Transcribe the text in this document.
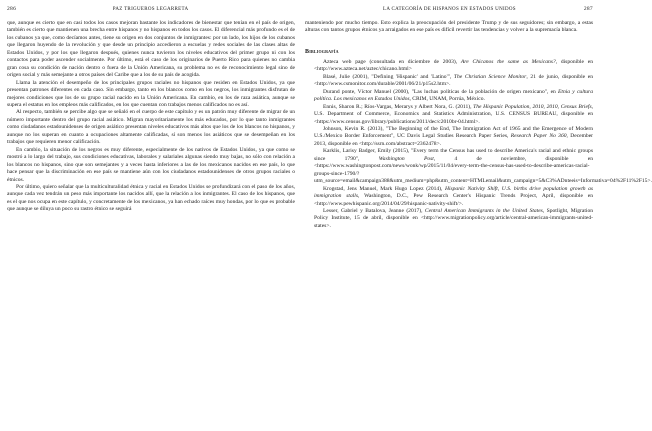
286	PAZ TRIGUEROS LEGARRETA

que, aunque es cierto que en casi todos los casos mejoran bastante los indicadores de bienestar que tenían en el país de origen, también es cierto que mantienen una brecha entre hispanos y no hispanos en todos los casos. El diferencial más profundo es el de los cubanos ya que, como decíamos antes, tiene su origen en dos conjuntos de inmigrantes: por un lado, los hijos de los cubanos que llegaron huyendo de la revolución y que desde un principio accedieron a escuelas y redes sociales de las clases altas de Estados Unidos, y por los que llegaron después, quienes nunca tuvieron los niveles educativos del primer grupo ni con los contactos para poder ascender socialmente. Por último, está el caso de los originarios de Puerto Rico para quienes no cambia gran cosa su condición de nación dentro o fuera de la Unión Americana, su problema no es de reconocimiento legal sino de origen social y más semejante a otros países del Caribe que a los de su país de acogida.

Llama la atención el desempeño de los principales grupos raciales no hispanos que residen en Estados Unidos, ya que presentan patrones diferentes en cada caso. Sin embargo, tanto en los blancos como en los negros, los inmigrantes disfrutan de mejores condiciones que los de su grupo racial nacido en la Unión Americana. En cambio, en los de raza asiática, aunque se supera el estatus en los empleos más calificados, en los que cuentan con trabajos menos calificados no es así.

Al respecto, también se percibe algo que se señaló en el cuerpo de este capítulo y es un patrón muy diferente de migrar de un número importante dentro del grupo racial asiático. Migran mayoritariamente los más educados, por lo que tanto inmigrantes como ciudadanos estadounidenses de origen asiático presentan niveles educativos más altos que los de los blancos no hispanos, y aunque no los superan en cuanto a ocupaciones altamente calificadas, sí son menos los asiáticos que se desempeñan en los trabajos que requieren menor calificación.

En cambio, la situación de los negros es muy diferente, especialmente de los nativos de Estados Unidos, ya que como se mostró a lo largo del trabajo, sus condiciones educativas, laborales y salariales algunas siendo muy bajas, no sólo con relación a los blancos no hispanos, sino que son semejantes y a veces hasta inferiores a las de los mexicanos nacidos en ese país, lo que hace pensar que la discriminación en ese país se mantiene aún con los ciudadanos estadounidenses de otros grupos raciales o étnicos.

Por último, quiero señalar que la multiculturalidad étnica y racial en Estados Unidos se profundizará con el paso de los años, aunque cada vez tendrán un peso más importante los nacidos allí, que la relación a los inmigrantes. El caso de los hispanos, que es el que nos ocupa en este capítulo, y concretamente de los mexicanos, ya han echado raíces muy hondas, por lo que es probable que aunque se diluya un poco su rastro étnico se seguirá

LA CATEGORÍA DE HISPANOS EN ESTADOS UNIDOS	287

manteniendo por mucho tiempo. Esto explica la preocupación del presidente Trump y de sus seguidores; sin embargo, a estas alturas con tantos grupos étnicos ya arraigados en ese país es difícil revertir las tendencias y volver a la supremacía blanca.

Bibliografía

Azteca web page (consultada en diciembre de 2003), Are Chicanos the same as Mexicans?, disponible en <http://www.azteca.net/aztec/chicano.html>

Blasé, Julie (2001), "Defining 'Hispanic' and 'Latino'", The Christian Science Monitor, 21 de junio, disponible en <http://www.csmonitor.com/durable/2001/06/21/p15s2.htm>.

Durand ponte, Víctor Manuel (2000), "Las luchas políticas de la población de origen mexicano", en Etnia y cultura política. Los mexicanos en Estados Unidos, CRIM, UNAM, Porrúa, México.

Ennis, Sharon R.; Ríos-Vargas, Merarys y Albert Nora, G. (2011), The Hispanic Population, 2010, 2010, Census Briefs, U.S. Department of Commerce, Economics and Statistics Administration, U.S. CENSUS BUREAU, disponible en <https://www.census.gov/library/publications/2011/dec/c2010br-04.html>.

Johnson, Kevin R. (2013), "The Beginning of the End, The Immigration Act of 1965 and the Emergence of Modern U.S./Mexico Border Enforcement", UC Davis Legal Studies Research Paper Series, Research Paper No 360, December 2013, disponible en <http://ssrn.com/abstract=2362478>.

Karklis, Larisy Badger, Emily (2015), "Every term the Census has used to describe America's racial and ethnic groups since 1790", Washington Post, 4 de noviembre, disponible en <https://www.washingtonpost.com/news/wonk/wp/2015/11/04/every-term-the-census-has-used-to-describe-americas-racial-groups-since-1790/?utm_source=email&campaign388&utm_medium=php&utm_content=HTMLemail&utm_campaign=5&C3%ADnteeis=Informativa=04%2F11%2F15>.

Krogstad, Jens Manuel, Mark Hugo Lopez (2014), Hispanic Nativity Shift, U.S. births drive population growth as immigration stalls, Washington, D.C., Pew Research Center's Hispanic Trends Project, April, disponible en <http://www.pewhispanic.org/2014/04/29/hispanic-nativity-shift/>.

Lesser, Gabriel y Batalova, Jeanne (2017), Central American Immigrants in the United States, Spotlight, Migration Policy Institute, 15 de abril, disponible en <http://www.migrationpolicy.org/article/central-american-immigrants-united-states>.
